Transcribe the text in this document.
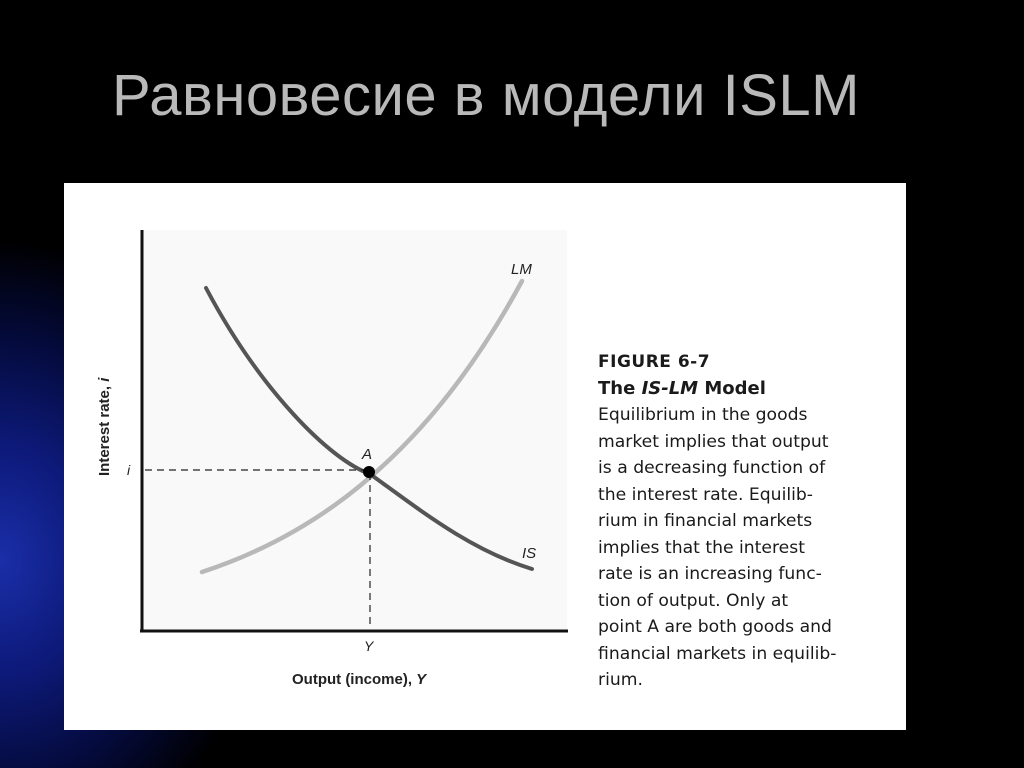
Равновесие в модели ISLM
LM
IS
A
i
Y
Output (income), Y
Interest rate, i
FIGURE 6-7
The IS-LM Model
Equilibrium in the goods
market implies that output
is a decreasing function of
the interest rate. Equilib-
rium in financial markets
implies that the interest
rate is an increasing func-
tion of output. Only at
point A are both goods and
financial markets in equilib-
rium.
